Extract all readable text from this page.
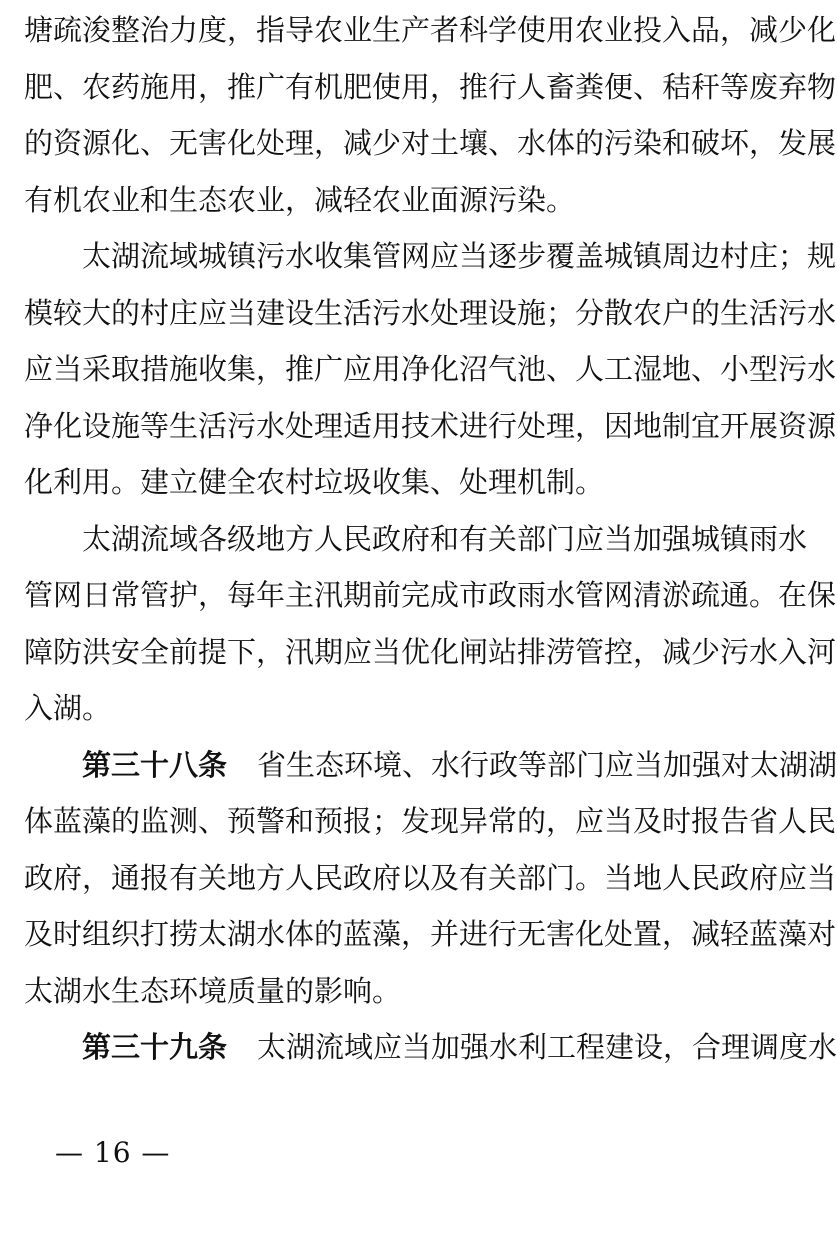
塘疏浚整治力度，指导农业生产者科学使用农业投入品，减少化
肥、农药施用，推广有机肥使用，推行人畜粪便、秸秆等废弃物
的资源化、无害化处理，减少对土壤、水体的污染和破坏，发展
有机农业和生态农业，减轻农业面源污染。
太湖流域城镇污水收集管网应当逐步覆盖城镇周边村庄；规
模较大的村庄应当建设生活污水处理设施；分散农户的生活污水
应当采取措施收集，推广应用净化沼气池、人工湿地、小型污水
净化设施等生活污水处理适用技术进行处理，因地制宜开展资源
化利用。建立健全农村垃圾收集、处理机制。
太湖流域各级地方人民政府和有关部门应当加强城镇雨水
管网日常管护，每年主汛期前完成市政雨水管网清淤疏通。在保
障防洪安全前提下，汛期应当优化闸站排涝管控，减少污水入河
入湖。
第三十八条 省生态环境、水行政等部门应当加强对太湖湖
体蓝藻的监测、预警和预报；发现异常的，应当及时报告省人民
政府，通报有关地方人民政府以及有关部门。当地人民政府应当
及时组织打捞太湖水体的蓝藻，并进行无害化处置，减轻蓝藻对
太湖水生态环境质量的影响。
第三十九条 太湖流域应当加强水利工程建设，合理调度水
— 16 —
